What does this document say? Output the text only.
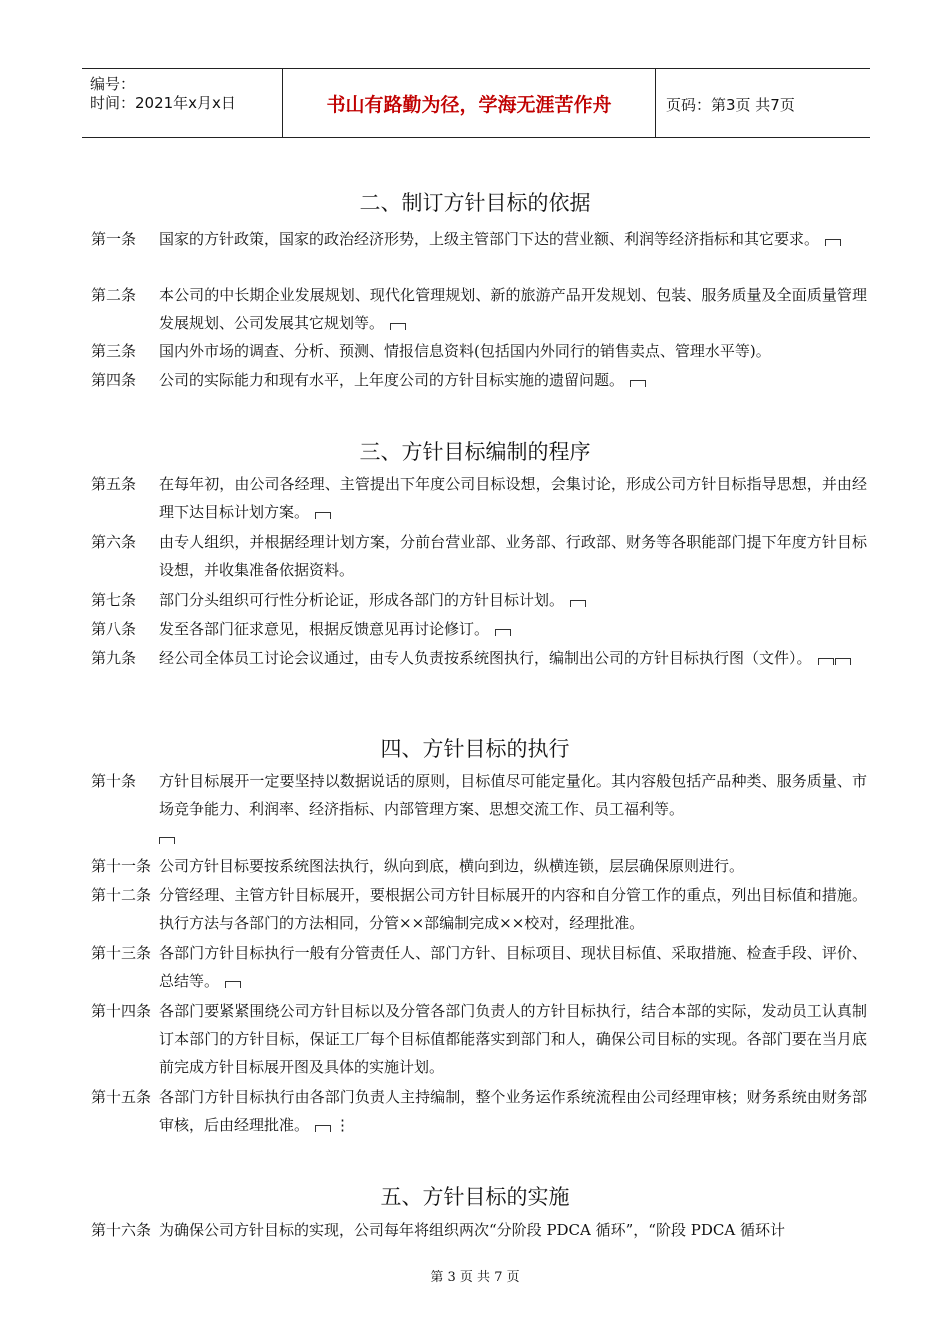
编号：
时间：2021年x月x日	书山有路勤为径，学海无涯苦作舟	页码：第3页 共7页
二、制订方针目标的依据
第一条 国家的方针政策，国家的政治经济形势，上级主管部门下达的营业额、利润等经济指标和其它要求。
第二条 本公司的中长期企业发展规划、现代化管理规划、新的旅游产品开发规划、包装、服务质量及全面质量管理发展规划、公司发展其它规划等。
第三条 国内外市场的调查、分析、预测、情报信息资料(包括国内外同行的销售卖点、管理水平等)。
第四条 公司的实际能力和现有水平，上年度公司的方针目标实施的遗留问题。
三、方针目标编制的程序
第五条 在每年初，由公司各经理、主管提出下年度公司目标设想，会集讨论，形成公司方针目标指导思想，并由经理下达目标计划方案。
第六条 由专人组织，并根据经理计划方案，分前台营业部、业务部、行政部、财务等各职能部门提下年度方针目标设想，并收集准备依据资料。
第七条 部门分头组织可行性分析论证，形成各部门的方针目标计划。
第八条 发至各部门征求意见，根据反馈意见再讨论修订。
第九条 经公司全体员工讨论会议通过，由专人负责按系统图执行，编制出公司的方针目标执行图（文件）。
四、方针目标的执行
第十条 方针目标展开一定要坚持以数据说话的原则，目标值尽可能定量化。其内容般包括产品种类、服务质量、市场竞争能力、利润率、经济指标、内部管理方案、思想交流工作、员工福利等。

第十一条 公司方针目标要按系统图法执行，纵向到底，横向到边，纵横连锁，层层确保原则进行。
第十二条 分管经理、主管方针目标展开，要根据公司方针目标展开的内容和自分管工作的重点，列出目标值和措施。执行方法与各部门的方法相同，分管××部编制完成××校对，经理批准。
第十三条 各部门方针目标执行一般有分管责任人、部门方针、目标项目、现状目标值、采取措施、检查手段、评价、总结等。
第十四条 各部门要紧紧围绕公司方针目标以及分管各部门负责人的方针目标执行，结合本部的实际，发动员工认真制订本部门的方针目标，保证工厂每个目标值都能落实到部门和人，确保公司目标的实现。各部门要在当月底前完成方针目标展开图及具体的实施计划。
第十五条 各部门方针目标执行由各部门负责人主持编制，整个业务运作系统流程由公司经理审核；财务系统由财务部审核，后由经理批准。 ⋮
五、方针目标的实施
第十六条 为确保公司方针目标的实现，公司每年将组织两次“分阶段 PDCA 循环”，“阶段 PDCA 循环计
第 3 页 共 7 页
